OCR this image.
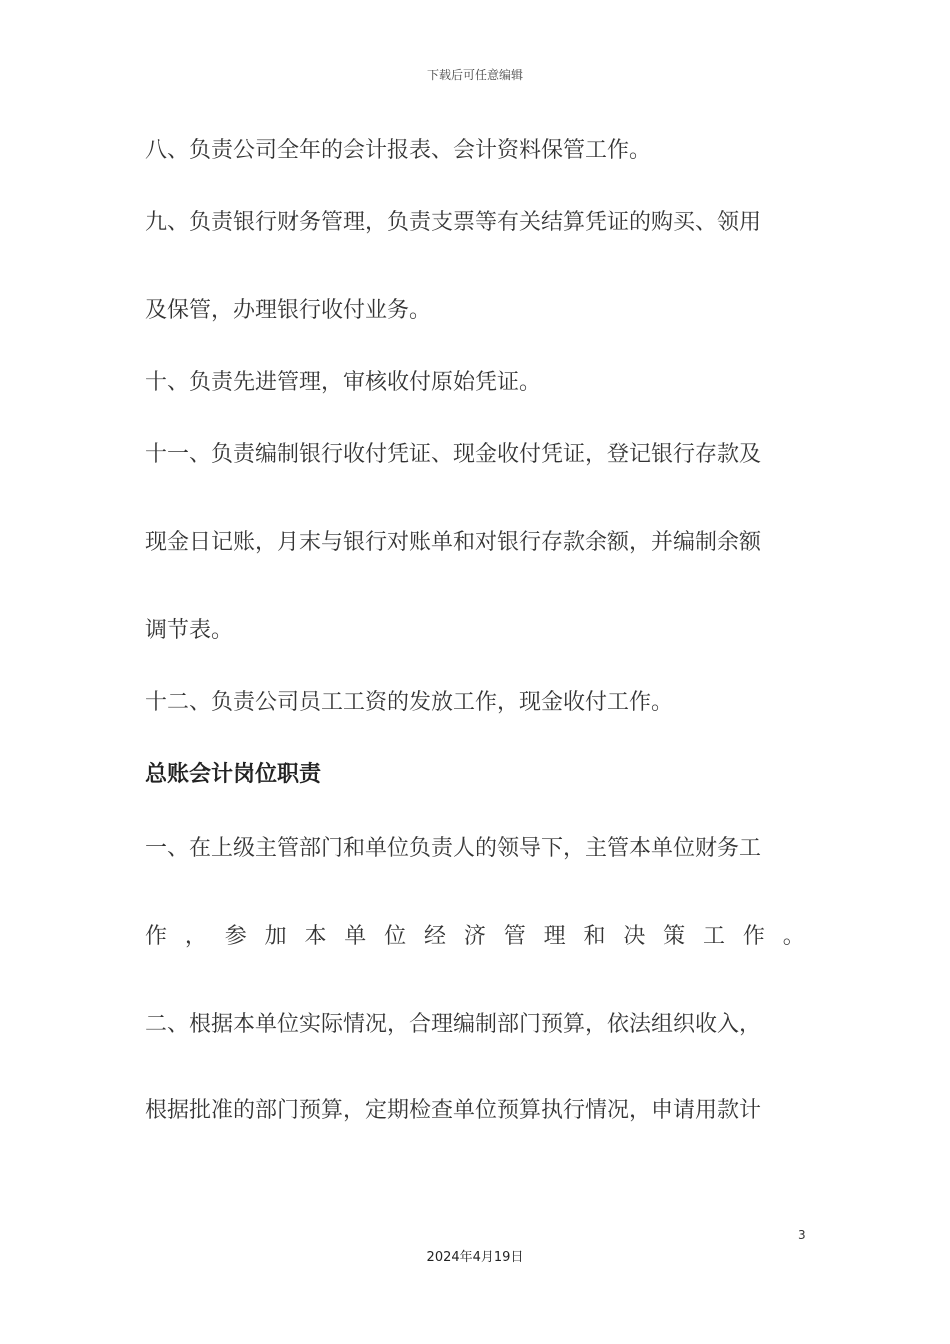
下载后可任意编辑
八、负责公司全年的会计报表、会计资料保管工作。
九、负责银行财务管理，负责支票等有关结算凭证的购买、领用
及保管，办理银行收付业务。
十、负责先进管理，审核收付原始凭证。
十一、负责编制银行收付凭证、现金收付凭证，登记银行存款及
现金日记账，月末与银行对账单和对银行存款余额，并编制余额
调节表。
十二、负责公司员工工资的发放工作，现金收付工作。
总账会计岗位职责
一、在上级主管部门和单位负责人的领导下，主管本单位财务工
作 ， 参 加 本 单 位 经 济 管 理 和 决 策 工 作 。
二、根据本单位实际情况，合理编制部门预算，依法组织收入，
根据批准的部门预算，定期检查单位预算执行情况，申请用款计
3
2024年4月19日
